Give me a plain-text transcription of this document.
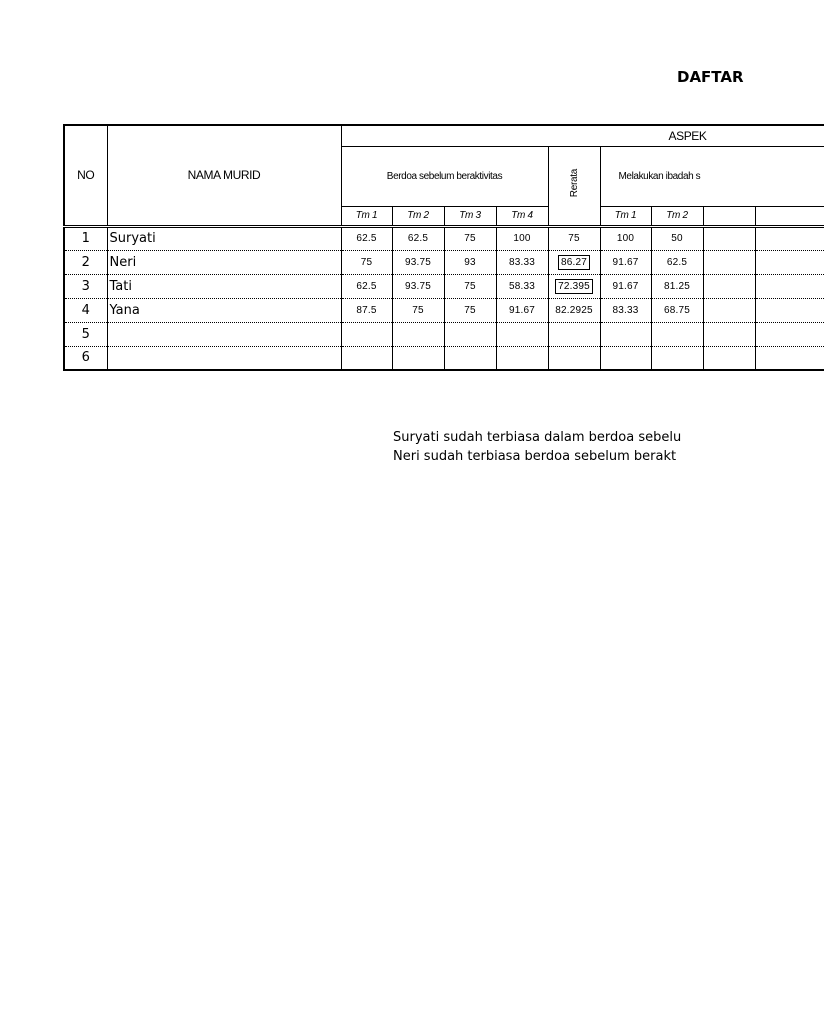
DAFTAR
NO	NAMA MURID	ASPEK								
		Berdoa sebelum beraktivitas				Rerata	Melakukan ibadah s			
		Tm 1	Tm 2	Tm 3	Tm 4		Tm 1	Tm 2		
1	Suryati	62.5	62.5	75	100	75	100	50		
2	Neri	75	93.75	93	83.33	86.27	91.67	62.5		
3	Tati	62.5	93.75	75	58.33	72.395	91.67	81.25		
4	Yana	87.5	75	75	91.67	82.2925	83.33	68.75		
5										
6										
Suryati sudah terbiasa dalam berdoa sebelu
Neri sudah terbiasa berdoa sebelum berakt
